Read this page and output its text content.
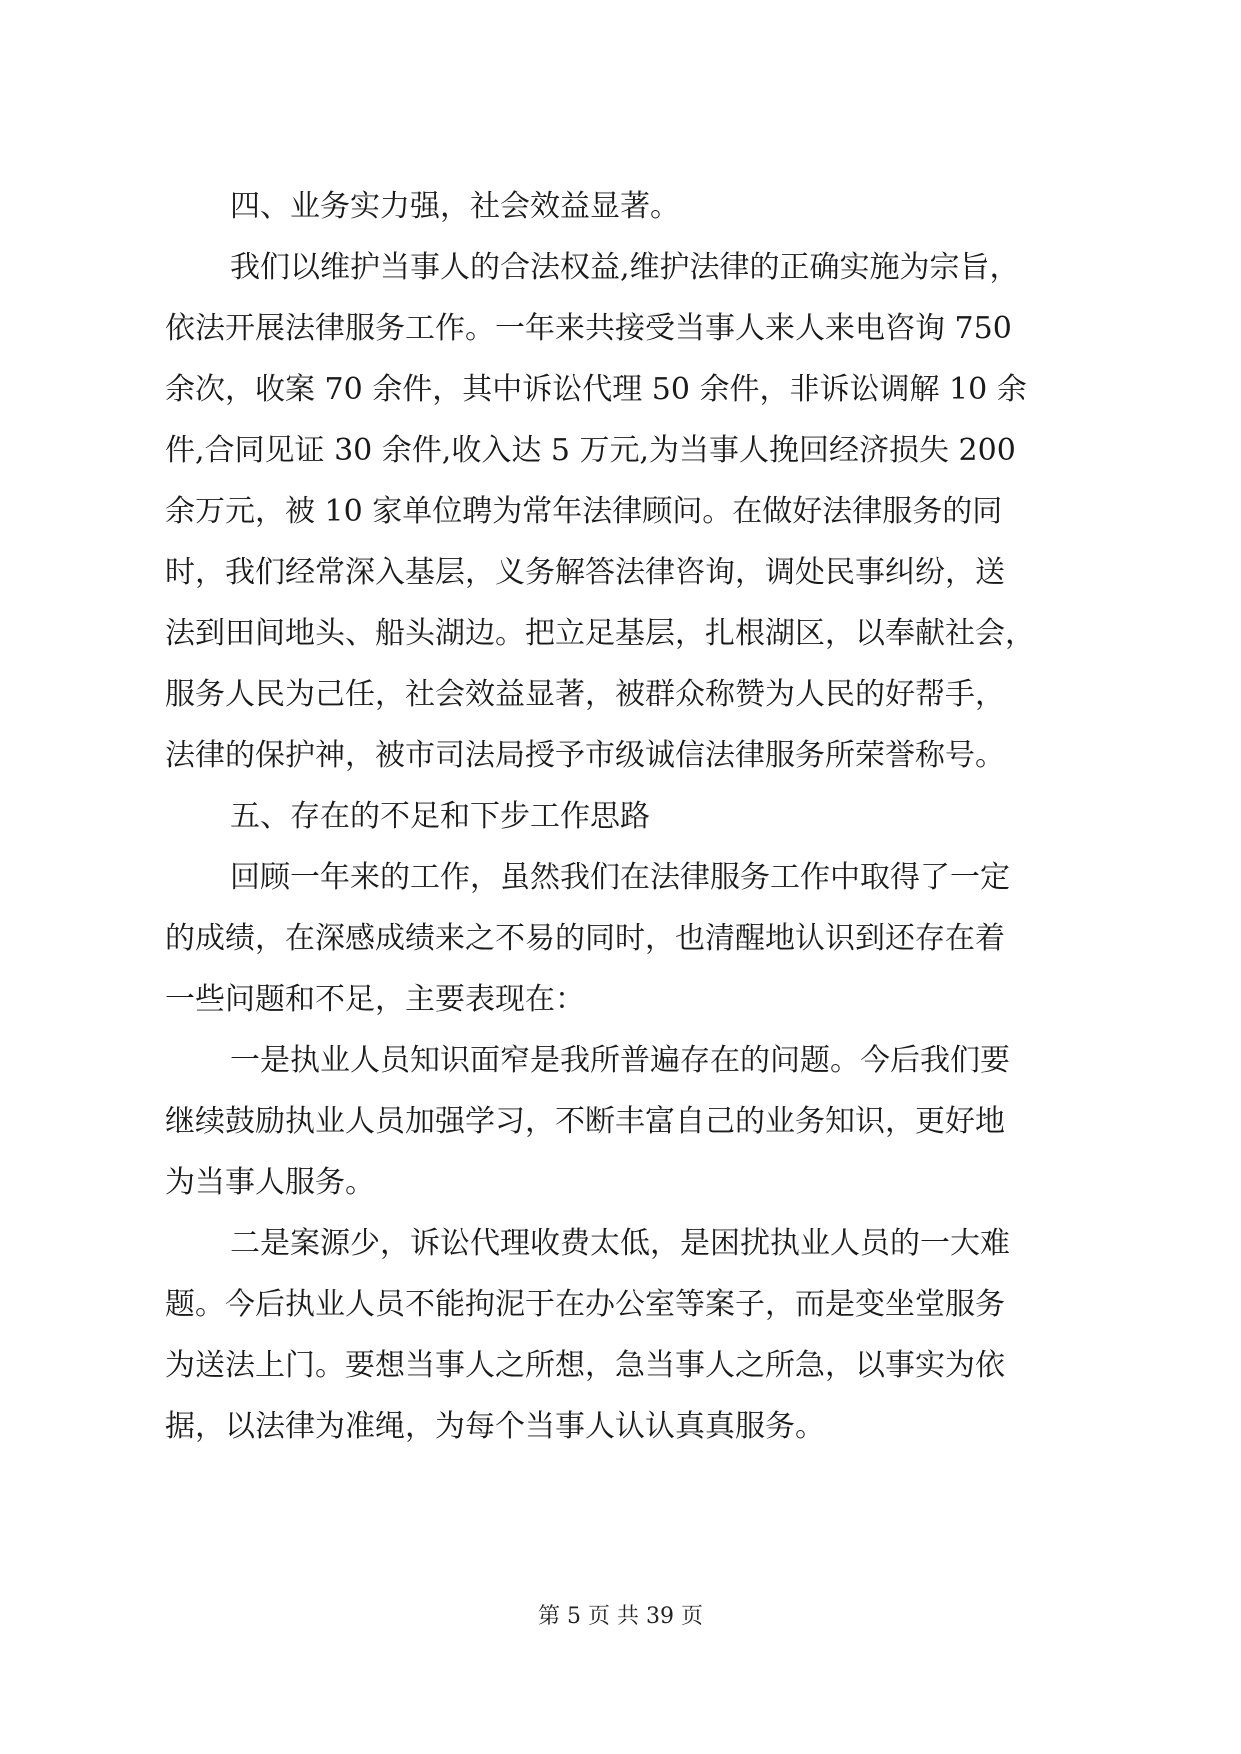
四、业务实力强，社会效益显著。
我们以维护当事人的合法权益,维护法律的正确实施为宗旨，
依法开展法律服务工作。一年来共接受当事人来人来电咨询 750
余次，收案 70 余件，其中诉讼代理 50 余件，非诉讼调解 10 余
件,合同见证 30 余件,收入达 5 万元,为当事人挽回经济损失 200
余万元，被 10 家单位聘为常年法律顾问。在做好法律服务的同
时，我们经常深入基层，义务解答法律咨询，调处民事纠纷，送
法到田间地头、船头湖边。把立足基层，扎根湖区，以奉献社会，
服务人民为己任，社会效益显著，被群众称赞为人民的好帮手，
法律的保护神，被市司法局授予市级诚信法律服务所荣誉称号。
五、存在的不足和下步工作思路
回顾一年来的工作，虽然我们在法律服务工作中取得了一定
的成绩，在深感成绩来之不易的同时，也清醒地认识到还存在着
一些问题和不足，主要表现在：
一是执业人员知识面窄是我所普遍存在的问题。今后我们要
继续鼓励执业人员加强学习，不断丰富自己的业务知识，更好地
为当事人服务。
二是案源少，诉讼代理收费太低，是困扰执业人员的一大难
题。今后执业人员不能拘泥于在办公室等案子，而是变坐堂服务
为送法上门。要想当事人之所想，急当事人之所急，以事实为依
据，以法律为准绳，为每个当事人认认真真服务。
第 5 页 共 39 页
